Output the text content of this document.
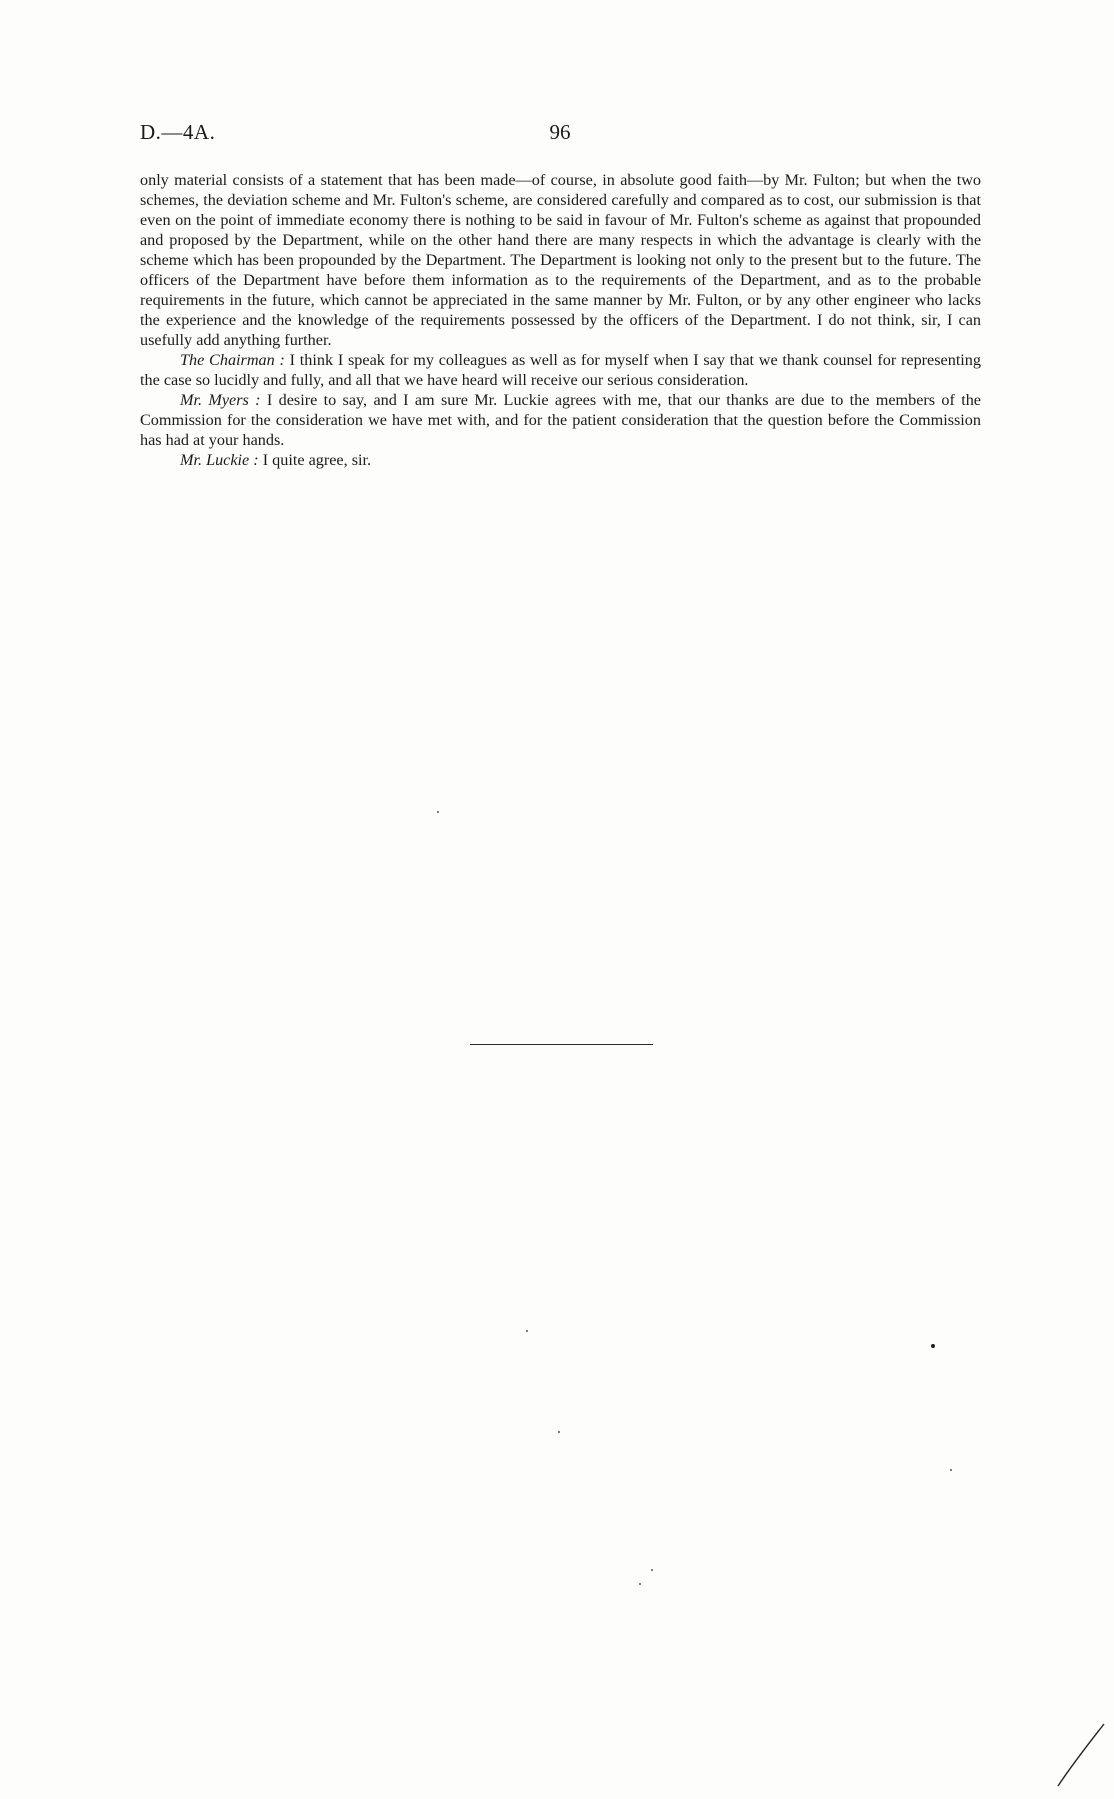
D.—4A.	96

only material consists of a statement that has been made—of course, in absolute good faith—by Mr. Fulton; but when the two schemes, the deviation scheme and Mr. Fulton's scheme, are considered carefully and compared as to cost, our submission is that even on the point of immediate economy there is nothing to be said in favour of Mr. Fulton's scheme as against that propounded and proposed by the Department, while on the other hand there are many respects in which the advantage is clearly with the scheme which has been propounded by the Department. The Department is looking not only to the present but to the future. The officers of the Department have before them information as to the requirements of the Department, and as to the probable requirements in the future, which cannot be appreciated in the same manner by Mr. Fulton, or by any other engineer who lacks the experience and the knowledge of the requirements possessed by the officers of the Department. I do not think, sir, I can usefully add anything further.

The Chairman : I think I speak for my colleagues as well as for myself when I say that we thank counsel for representing the case so lucidly and fully, and all that we have heard will receive our serious consideration.

Mr. Myers : I desire to say, and I am sure Mr. Luckie agrees with me, that our thanks are due to the members of the Commission for the consideration we have met with, and for the patient consideration that the question before the Commission has had at your hands.

Mr. Luckie : I quite agree, sir.
